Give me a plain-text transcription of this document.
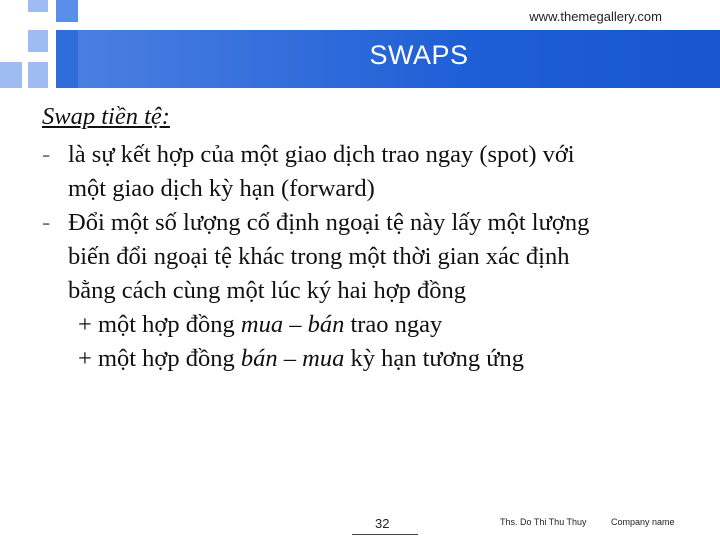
www.themegallery.com
SWAPS
Swap tiền tệ:
- là sự kết hợp của một giao dịch trao ngay (spot) với
một giao dịch kỳ hạn (forward)
- Đổi một số lượng cố định ngoại tệ này lấy một lượng
biến đổi ngoại tệ khác trong một thời gian xác định
bằng cách cùng một lúc ký hai hợp đồng
+ một hợp đồng mua – bán trao ngay
+ một hợp đồng bán – mua kỳ hạn tương ứng
32	Ths. Do Thi Thu Thuy	Company name
